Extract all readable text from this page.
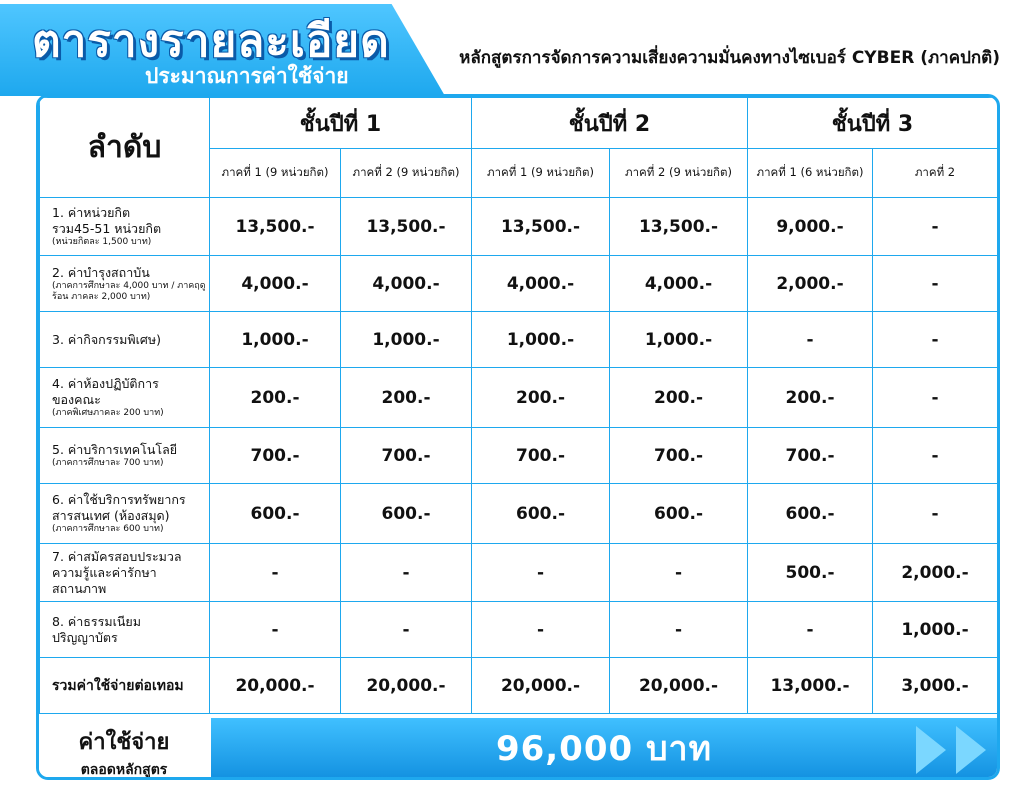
ตารางรายละเอียด
ประมาณการค่าใช้จ่าย
หลักสูตรการจัดการความเสี่ยงความมั่นคงทางไซเบอร์ CYBER (ภาคปกติ)
ลำดับ	ชั้นปีที่ 1		ชั้นปีที่ 2		ชั้นปีที่ 3	
	ภาคที่ 1 (9 หน่วยกิต)	ภาคที่ 2 (9 หน่วยกิต)	ภาคที่ 1 (9 หน่วยกิต)	ภาคที่ 2 (9 หน่วยกิต)	ภาคที่ 1 (6 หน่วยกิต)	ภาคที่ 2
1. ค่าหน่วยกิต
รวม45-51 หน่วยกิต
(หน่วยกิตละ 1,500 บาท)	13,500.-	13,500.-	13,500.-	13,500.-	9,000.-	-
2. ค่าบำรุงสถาบัน
(ภาคการศึกษาละ 4,000 บาท / ภาคฤดูร้อน ภาคละ 2,000 บาท)	4,000.-	4,000.-	4,000.-	4,000.-	2,000.-	-
3. ค่ากิจกรรมพิเศษ)	1,000.-	1,000.-	1,000.-	1,000.-	-	-
4. ค่าห้องปฏิบัติการ
ของคณะ
(ภาคพิเศษภาคละ 200 บาท)	200.-	200.-	200.-	200.-	200.-	-
5. ค่าบริการเทคโนโลยี
(ภาคการศึกษาละ 700 บาท)	700.-	700.-	700.-	700.-	700.-	-
6. ค่าใช้บริการทรัพยากร
สารสนเทศ (ห้องสมุด)
(ภาคการศึกษาละ 600 บาท)	600.-	600.-	600.-	600.-	600.-	-
7. ค่าสมัครสอบประมวล
ความรู้และค่ารักษาสถานภาพ	-	-	-	-	500.-	2,000.-
8. ค่าธรรมเนียม
ปริญญาบัตร	-	-	-	-	-	1,000.-
รวมค่าใช้จ่ายต่อเทอม	20,000.-	20,000.-	20,000.-	20,000.-	13,000.-	3,000.-
ค่าใช้จ่าย
ตลอดหลักสูตร
96,000 บาท
